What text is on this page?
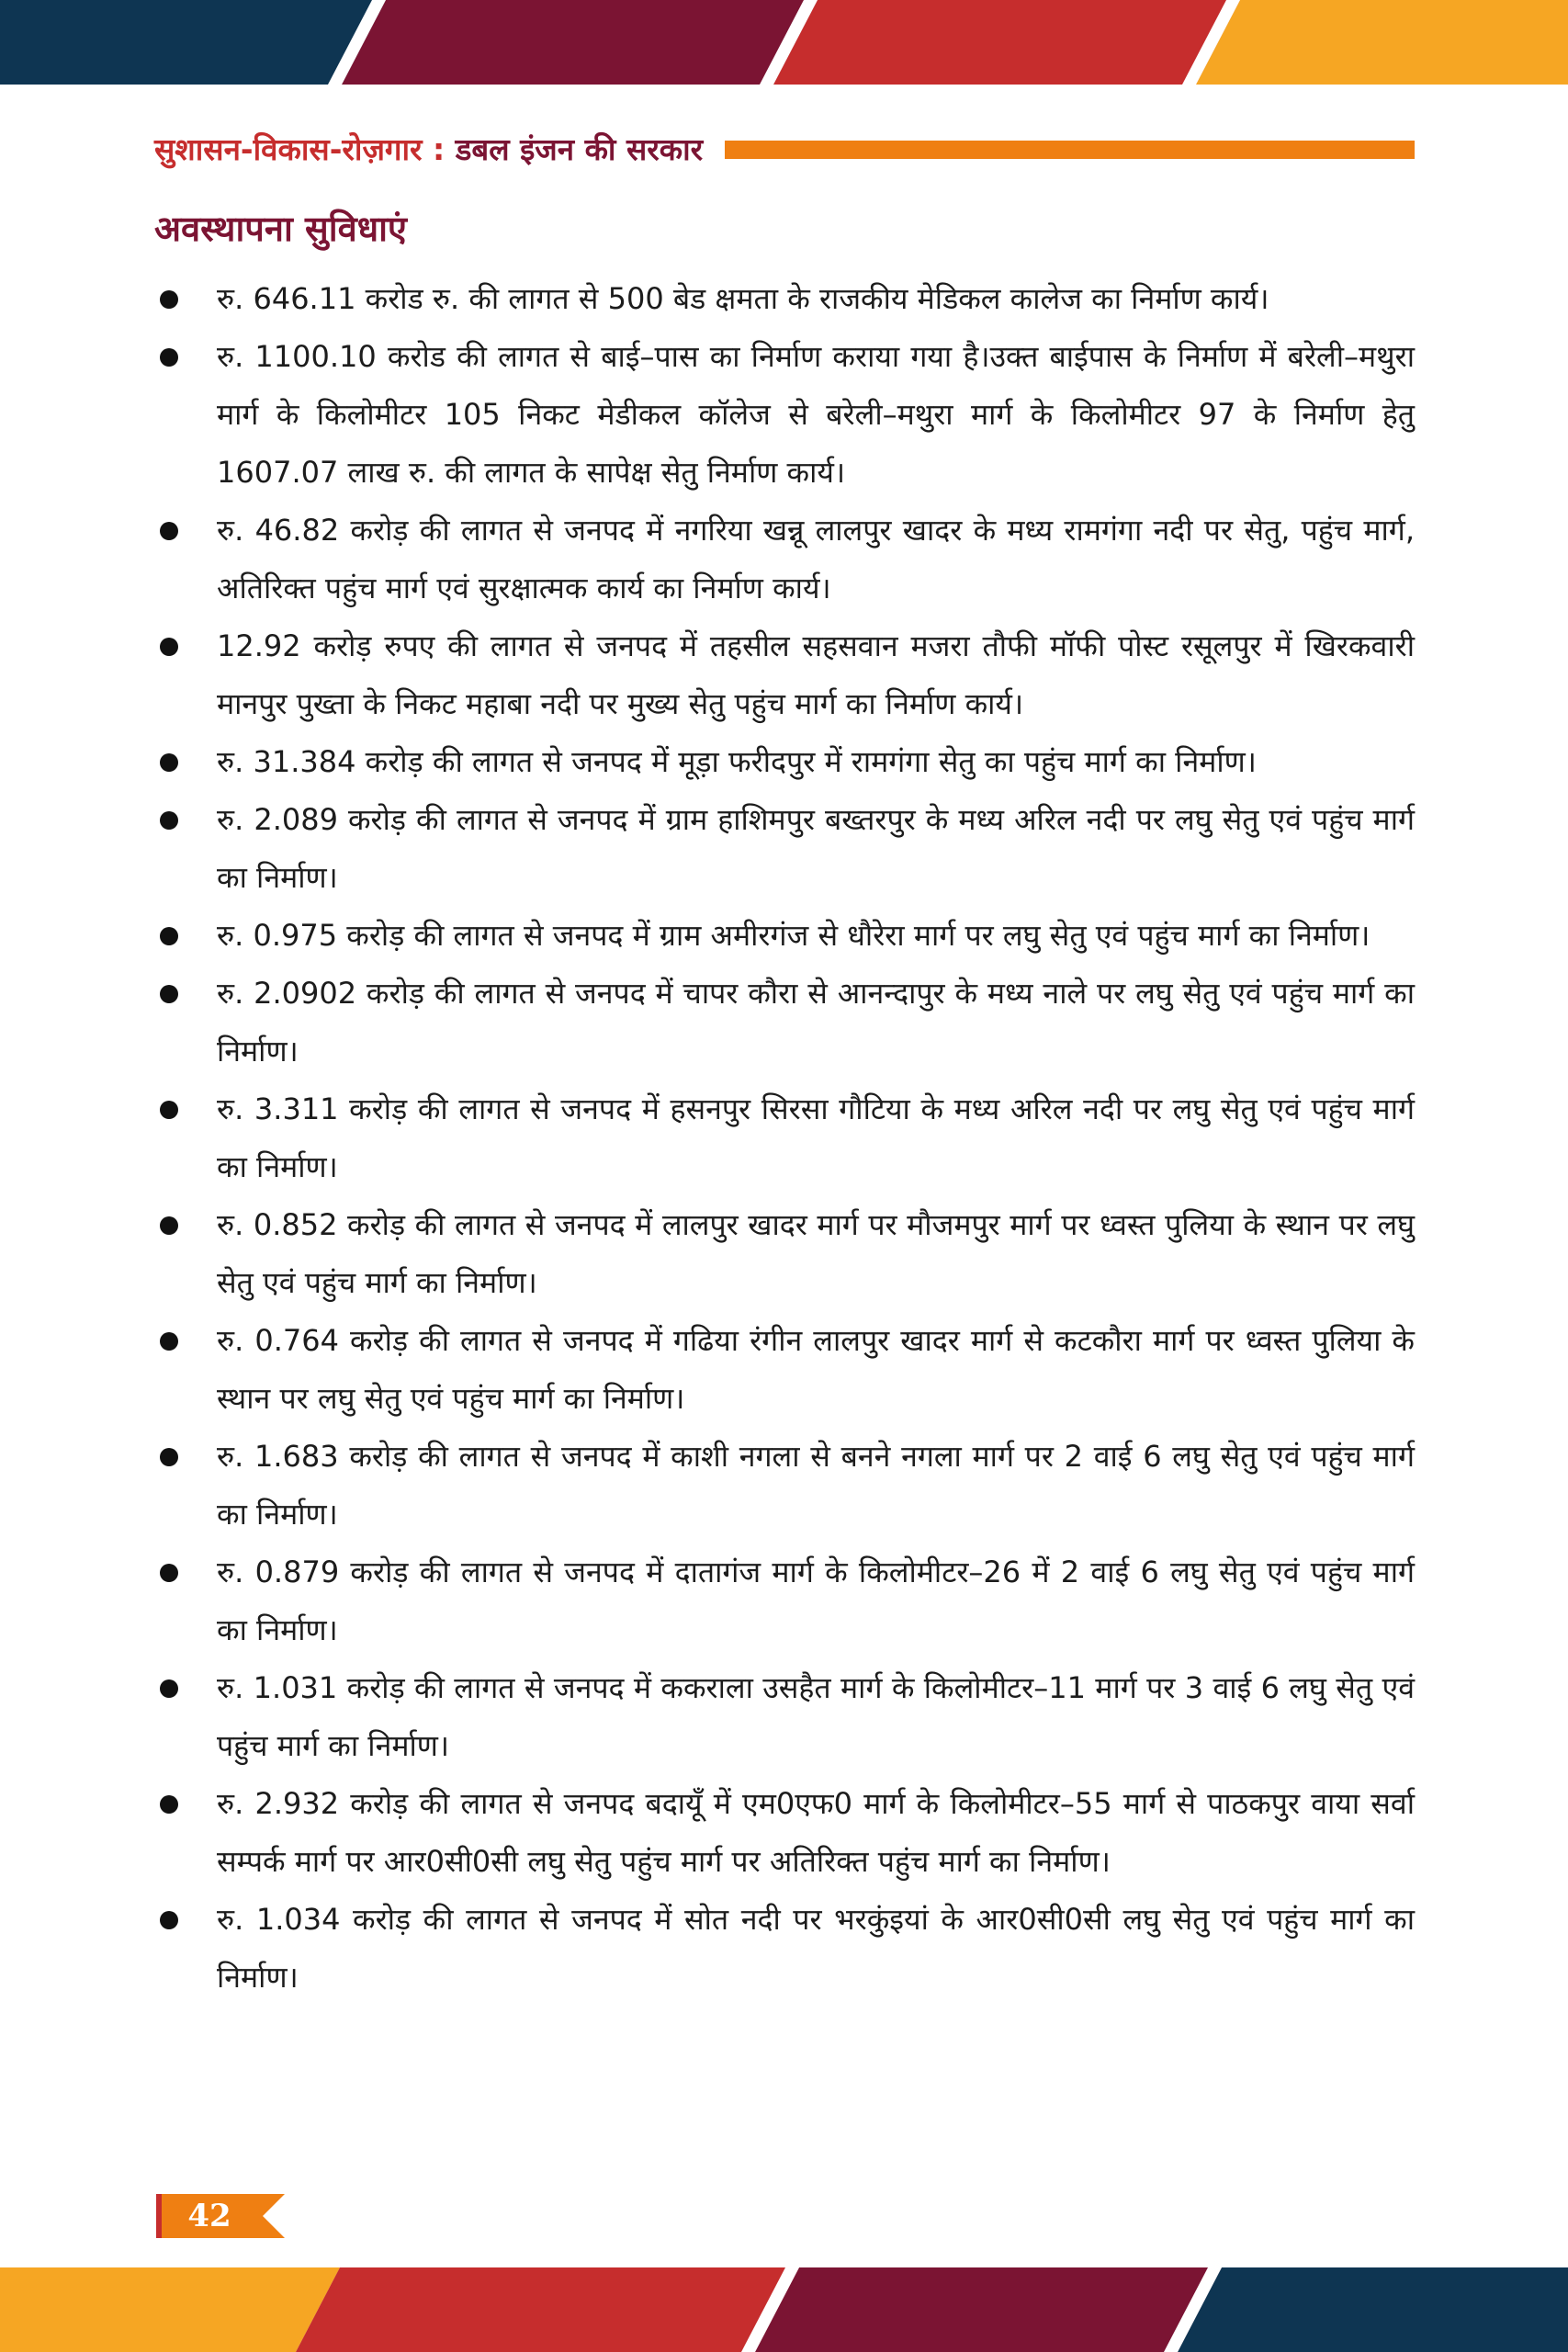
सुशासन-विकास-रोज़गार : डबल इंजन की सरकार
अवस्थापना सुविधाएं
रु. 646.11 करोड रु. की लागत से 500 बेड क्षमता के राजकीय मेडिकल कालेज का निर्माण कार्य।
रु. 1100.10 करोड की लागत से बाई–पास का निर्माण कराया गया है।उक्त बाईपास के निर्माण में बरेली–मथुरा मार्ग के किलोमीटर 105 निकट मेडीकल कॉलेज से बरेली–मथुरा मार्ग के किलोमीटर 97 के निर्माण हेतु 1607.07 लाख रु. की लागत के सापेक्ष सेतु निर्माण कार्य।
रु. 46.82 करोड़ की लागत से जनपद में नगरिया खन्नू लालपुर खादर के मध्य रामगंगा नदी पर सेतु, पहुंच मार्ग, अतिरिक्त पहुंच मार्ग एवं सुरक्षात्मक कार्य का निर्माण कार्य।
12.92 करोड़ रुपए की लागत से जनपद में तहसील सहसवान मजरा तौफी मॉफी पोस्ट रसूलपुर में खिरकवारी मानपुर पुख्ता के निकट महाबा नदी पर मुख्य सेतु पहुंच मार्ग का निर्माण कार्य।
रु. 31.384 करोड़ की लागत से जनपद में मूड़ा फरीदपुर में रामगंगा सेतु का पहुंच मार्ग का निर्माण।
रु. 2.089 करोड़ की लागत से जनपद में ग्राम हाशिमपुर बख्तरपुर के मध्य अरिल नदी पर लघु सेतु एवं पहुंच मार्ग का निर्माण।
रु. 0.975 करोड़ की लागत से जनपद में ग्राम अमीरगंज से धौरेरा मार्ग पर लघु सेतु एवं पहुंच मार्ग का निर्माण।
रु. 2.0902 करोड़ की लागत से जनपद में चापर कौरा से आनन्दापुर के मध्य नाले पर लघु सेतु एवं पहुंच मार्ग का निर्माण।
रु. 3.311 करोड़ की लागत से जनपद में हसनपुर सिरसा गौटिया के मध्य अरिल नदी पर लघु सेतु एवं पहुंच मार्ग का निर्माण।
रु. 0.852 करोड़ की लागत से जनपद में लालपुर खादर मार्ग पर मौजमपुर मार्ग पर ध्वस्त पुलिया के स्थान पर लघु सेतु एवं पहुंच मार्ग का निर्माण।
रु. 0.764 करोड़ की लागत से जनपद में गढिया रंगीन लालपुर खादर मार्ग से कटकौरा मार्ग पर ध्वस्त पुलिया के स्थान पर लघु सेतु एवं पहुंच मार्ग का निर्माण।
रु. 1.683 करोड़ की लागत से जनपद में काशी नगला से बनने नगला मार्ग पर 2 वाई 6 लघु सेतु एवं पहुंच मार्ग का निर्माण।
रु. 0.879 करोड़ की लागत से जनपद में दातागंज मार्ग के किलोमीटर–26 में 2 वाई 6 लघु सेतु एवं पहुंच मार्ग का निर्माण।
रु. 1.031 करोड़ की लागत से जनपद में ककराला उसहैत मार्ग के किलोमीटर–11 मार्ग पर 3 वाई 6 लघु सेतु एवं पहुंच मार्ग का निर्माण।
रु. 2.932 करोड़ की लागत से जनपद बदायूँ में एम0एफ0 मार्ग के किलोमीटर–55 मार्ग से पाठकपुर वाया सर्वा सम्पर्क मार्ग पर आर0सी0सी लघु सेतु पहुंच मार्ग पर अतिरिक्त पहुंच मार्ग का निर्माण।
रु. 1.034 करोड़ की लागत से जनपद में सोत नदी पर भरकुंइयां के आर0सी0सी लघु सेतु एवं पहुंच मार्ग का निर्माण।
42
